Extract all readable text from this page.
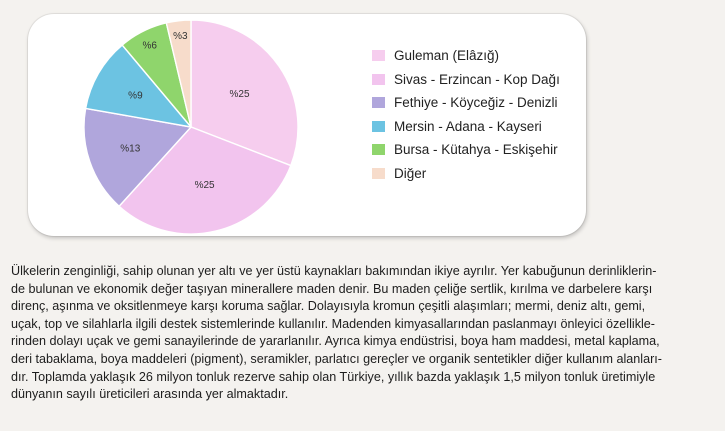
%25
%25
%13
%9
%6
%3
Guleman (Elâzığ)
Sivas - Erzincan - Kop Dağı
Fethiye - Köyceğiz - Denizli
Mersin - Adana - Kayseri
Bursa - Kütahya - Eskişehir
Diğer
Ülkelerin zenginliği, sahip olunan yer altı ve yer üstü kaynakları bakımından ikiye ayrılır. Yer kabuğunun derinliklerin-
de bulunan ve ekonomik değer taşıyan minerallere maden denir. Bu maden çeliğe sertlik, kırılma ve darbelere karşı
direnç, aşınma ve oksitlenmeye karşı koruma sağlar. Dolayısıyla kromun çeşitli alaşımları; mermi, deniz altı, gemi,
uçak, top ve silahlarla ilgili destek sistemlerinde kullanılır. Madenden kimyasallarından paslanmayı önleyici özellikle-
rinden dolayı uçak ve gemi sanayilerinde de yararlanılır. Ayrıca kimya endüstrisi, boya ham maddesi, metal kaplama,
deri tabaklama, boya maddeleri (pigment), seramikler, parlatıcı gereçler ve organik sentetikler diğer kullanım alanları-
dır. Toplamda yaklaşık 26 milyon tonluk rezerve sahip olan Türkiye, yıllık bazda yaklaşık 1,5 milyon tonluk üretimiyle
dünyanın sayılı üreticileri arasında yer almaktadır.
